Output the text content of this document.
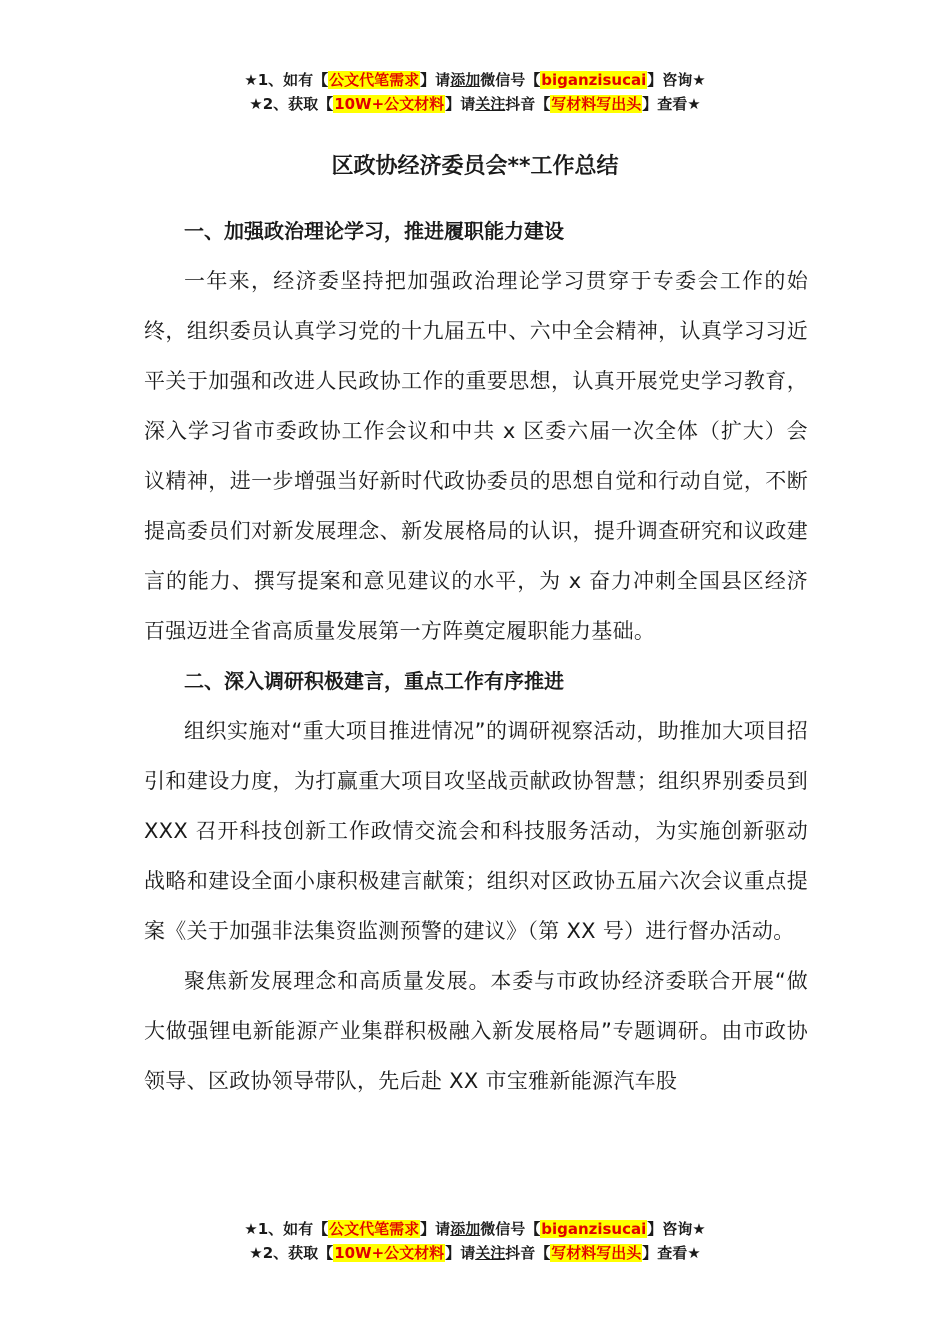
★1、如有【公文代笔需求】请添加微信号【biganzisucai】咨询★
★2、获取【10W+公文材料】请关注抖音【写材料写出头】查看★
区政协经济委员会**工作总结
一、加强政治理论学习，推进履职能力建设

一年来，经济委坚持把加强政治理论学习贯穿于专委会工作的始终，组织委员认真学习党的十九届五中、六中全会精神，认真学习习近平关于加强和改进人民政协工作的重要思想，认真开展党史学习教育，深入学习省市委政协工作会议和中共 x 区委六届一次全体（扩大）会议精神，进一步增强当好新时代政协委员的思想自觉和行动自觉，不断提高委员们对新发展理念、新发展格局的认识，提升调查研究和议政建言的能力、撰写提案和意见建议的水平，为 x 奋力冲刺全国县区经济百强迈进全省高质量发展第一方阵奠定履职能力基础。

二、深入调研积极建言，重点工作有序推进

组织实施对“重大项目推进情况”的调研视察活动，助推加大项目招引和建设力度，为打赢重大项目攻坚战贡献政协智慧；组织界别委员到 XXX 召开科技创新工作政情交流会和科技服务活动，为实施创新驱动战略和建设全面小康积极建言献策；组织对区政协五届六次会议重点提案《关于加强非法集资监测预警的建议》（第 XX 号）进行督办活动。

聚焦新发展理念和高质量发展。本委与市政协经济委联合开展“做大做强锂电新能源产业集群积极融入新发展格局”专题调研。由市政协领导、区政协领导带队，先后赴 XX 市宝雅新能源汽车股

★1、如有【公文代笔需求】请添加微信号【biganzisucai】咨询★
★2、获取【10W+公文材料】请关注抖音【写材料写出头】查看★
